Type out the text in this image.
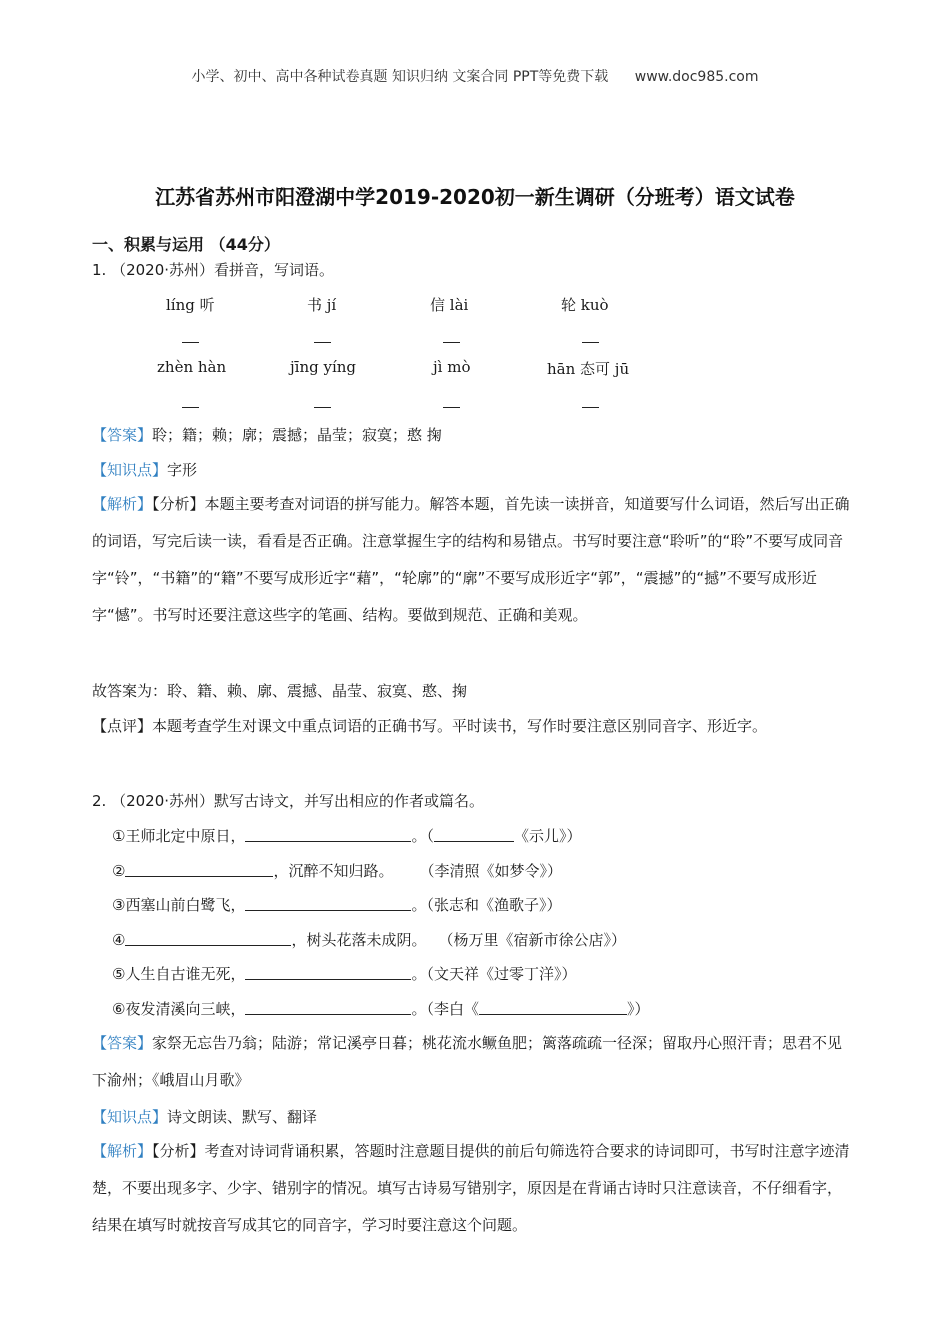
小学、初中、高中各种试卷真题 知识归纳 文案合同 PPT等免费下载 www.doc985.com
江苏省苏州市阳澄湖中学2019-2020初一新生调研（分班考）语文试卷
一、积累与运用 （44分）
1. （2020·苏州）看拼音，写词语。
líng 听	书 jí	信 lài	轮 kuò
zhèn hàn	jīng yíng	jì mò	hān 态可 jū
【答案】聆；籍；赖；廓；震撼；晶莹；寂寞；憨 掬
【知识点】字形
【解析】【分析】本题主要考查对词语的拼写能力。解答本题，首先读一读拼音，知道要写什么词语，然后写出正确的词语，写完后读一读，看看是否正确。注意掌握生字的结构和易错点。书写时要注意“聆听”的“聆”不要写成同音字“铃”，“书籍”的“籍”不要写成形近字“藉”，“轮廓”的“廓”不要写成形近字“郭”，“震撼”的“撼”不要写成形近字“憾”。书写时还要注意这些字的笔画、结构。要做到规范、正确和美观。
故答案为：聆、籍、赖、廓、震撼、晶莹、寂寞、憨、掬
【点评】本题考查学生对课文中重点词语的正确书写。平时读书，写作时要注意区别同音字、形近字。
2. （2020·苏州）默写古诗文，并写出相应的作者或篇名。
①王师北定中原日，	。（	《示儿》）
②	，沉醉不知归路。 （李清照《如梦令》）
③西塞山前白鹭飞，	。（张志和《渔歌子》）
④	，树头花落未成阴。 （杨万里《宿新市徐公店》）
⑤人生自古谁无死，	。（文天祥《过零丁洋》）
⑥夜发清溪向三峡，	。（李白《	》）
【答案】家祭无忘告乃翁；陆游；常记溪亭日暮；桃花流水鳜鱼肥；篱落疏疏一径深；留取丹心照汗青；思君不见下渝州；《峨眉山月歌》
【知识点】诗文朗读、默写、翻译
【解析】【分析】考查对诗词背诵积累，答题时注意题目提供的前后句筛选符合要求的诗词即可，书写时注意字迹清楚，不要出现多字、少字、错别字的情况。填写古诗易写错别字，原因是在背诵古诗时只注意读音，不仔细看字，结果在填写时就按音写成其它的同音字，学习时要注意这个问题。
